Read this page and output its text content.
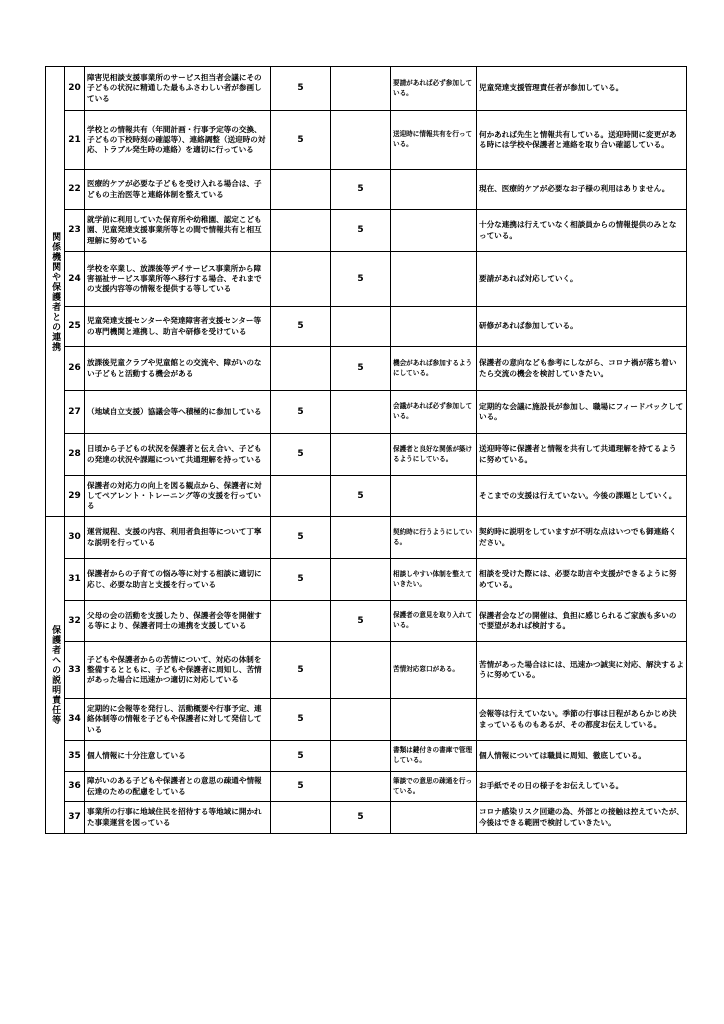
関係機関や保護者との連携	20	障害児相談支援事業所のサービス担当者会議にその子どもの状況に精通した最もふさわしい者が参画している	5		要請があれば必ず参加している。	児童発達支援管理責任者が参加している。
	21	学校との情報共有（年間計画・行事予定等の交換、子どもの下校時刻の確認等）、連絡調整（送迎時の対応、トラブル発生時の連絡）を適切に行っている	5		送迎時に情報共有を行っている。	何かあれば先生と情報共有している。送迎時間に変更がある時には学校や保護者と連絡を取り合い確認している。
	22	医療的ケアが必要な子どもを受け入れる場合は、子どもの主治医等と連絡体制を整えている		5		現在、医療的ケアが必要なお子様の利用はありません。
	23	就学前に利用していた保育所や幼稚園、認定こども園、児童発達支援事業所等との間で情報共有と相互理解に努めている		5		十分な連携は行えていなく相談員からの情報提供のみとなっている。
	24	学校を卒業し、放課後等デイサービス事業所から障害福祉サービス事業所等へ移行する場合、それまでの支援内容等の情報を提供する等している		5		要請があれば対応していく。
	25	児童発達支援センターや発達障害者支援センター等の専門機関と連携し、助言や研修を受けている	5			研修があれば参加している。
	26	放課後児童クラブや児童館との交流や、障がいのない子どもと活動する機会がある		5	機会があれば参加するようにしている。	保護者の意向なども参考にしながら、コロナ禍が落ち着いたら交流の機会を検討していきたい。
	27	（地域自立支援）協議会等へ積極的に参加している	5		会議があれば必ず参加している。	定期的な会議に施設長が参加し、職場にフィードバックしている。
	28	日頃から子どもの状況を保護者と伝え合い、子どもの発達の状況や課題について共通理解を持っている	5		保護者と良好な関係が築けるようにしている。	送迎時等に保護者と情報を共有して共通理解を持てるように努めている。
	29	保護者の対応力の向上を図る観点から、保護者に対してペアレント・トレーニング等の支援を行っている		5		そこまでの支援は行えていない。今後の課題としていく。
保護者への説明責任等	30	運営規程、支援の内容、利用者負担等について丁寧な説明を行っている	5		契約時に行うようにしている。	契約時に説明をしていますが不明な点はいつでも御連絡ください。
	31	保護者からの子育ての悩み等に対する相談に適切に応じ、必要な助言と支援を行っている	5		相談しやすい体制を整えていきたい。	相談を受けた際には、必要な助言や支援ができるように努めている。
	32	父母の会の活動を支援したり、保護者会等を開催する等により、保護者同士の連携を支援している		5	保護者の意見を取り入れている。	保護者会などの開催は、負担に感じられるご家族も多いので要望があれば検討する。
	33	子どもや保護者からの苦情について、対応の体制を整備するとともに、子どもや保護者に周知し、苦情があった場合に迅速かつ適切に対応している	5		苦情対応窓口がある。	苦情があった場合はには、迅速かつ誠実に対応、解決するように努めている。
	34	定期的に会報等を発行し、活動概要や行事予定、連絡体制等の情報を子どもや保護者に対して発信している	5			会報等は行えていない。季節の行事は日程があらかじめ決まっているものもあるが、その都度お伝えしている。
	35	個人情報に十分注意している	5		書類は鍵付きの書庫で管理している。	個人情報については職員に周知、徹底している。
	36	障がいのある子どもや保護者との意思の疎通や情報伝達のための配慮をしている	5		筆談での意思の疎通を行っている。	お手紙でその日の様子をお伝えしている。
	37	事業所の行事に地域住民を招待する等地域に開かれた事業運営を図っている		5		コロナ感染リスク回避の為、外部との接触は控えていたが、今後はできる範囲で検討していきたい。
